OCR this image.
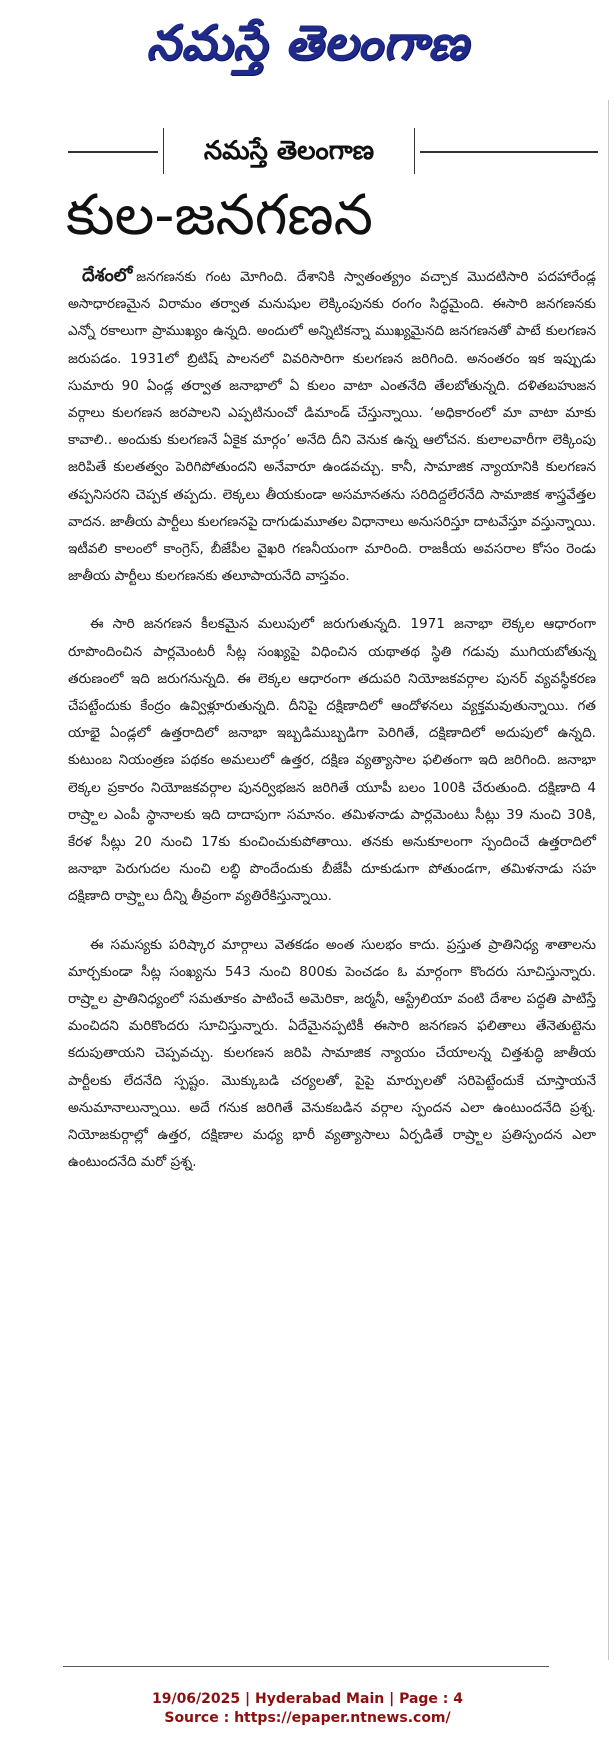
నమస్తే తెలంగాణ
నమస్తే తెలంగాణ
కుల-జనగణన

దేశంలో జనగణనకు గంట మోగింది. దేశానికి స్వాతంత్య్రం వచ్చాక మొదటిసారి పదహారేండ్ల అసాధారణమైన విరామం తర్వాత మనుషుల లెక్కింపునకు రంగం సిద్ధమైంది. ఈసారి జనగణనకు ఎన్నో రకాలుగా ప్రాముఖ్యం ఉన్నది. అందులో అన్నిటికన్నా ముఖ్యమైనది జనగణనతో పాటే కులగణన జరుపడం. 1931లో బ్రిటిష్ పాలనలో వివరిసారిగా కులగణన జరిగింది. అనంతరం ఇక ఇప్పుడు సుమారు 90 ఏండ్ల తర్వాత జనాభాలో ఏ కులం వాటా ఎంతనేది తేలబోతున్నది. దళితబహుజన వర్గాలు కులగణన జరపాలని ఎప్పటినుంచో డిమాండ్ చేస్తున్నాయి. ‘అధికారంలో మా వాటా మాకు కావాలి.. అందుకు కులగణనే ఏకైక మార్గం’ అనేది దీని వెనుక ఉన్న ఆలోచన. కులాలవారీగా లెక్కింపు జరిపితే కులతత్వం పెరిగిపోతుందని అనేవారూ ఉండవచ్చు. కానీ, సామాజిక న్యాయానికి కులగణన తప్పనిసరని చెప్పక తప్పదు. లెక్కలు తీయకుండా అసమానతను సరిదిద్దలేరనేది సామాజిక శాస్త్రవేత్తల వాదన. జాతీయ పార్టీలు కులగణనపై దాగుడుమూతల విధానాలు అనుసరిస్తూ దాటవేస్తూ వస్తున్నాయి. ఇటీవలి కాలంలో కాంగ్రెస్, బీజేపీల వైఖరి గణనీయంగా మారింది. రాజకీయ అవసరాల కోసం రెండు జాతీయ పార్టీలు కులగణనకు తలూపాయనేది వాస్తవం.

ఈ సారి జనగణన కీలకమైన మలుపులో జరుగుతున్నది. 1971 జనాభా లెక్కల ఆధారంగా రూపొందించిన పార్లమెంటరీ సీట్ల సంఖ్యపై విధించిన యథాతథ స్థితి గడువు ముగియబోతున్న తరుణంలో ఇది జరుగనున్నది. ఈ లెక్కల ఆధారంగా తదుపరి నియోజకవర్గాల పునర్ వ్యవస్థీకరణ చేపట్టేందుకు కేంద్రం ఉవ్విళ్లూరుతున్నది. దీనిపై దక్షిణాదిలో ఆందోళనలు వ్యక్తమవుతున్నాయి. గత యాభై ఏండ్లలో ఉత్తరాదిలో జనాభా ఇబ్బడిముబ్బడిగా పెరిగితే, దక్షిణాదిలో అదుపులో ఉన్నది. కుటుంబ నియంత్రణ పథకం అమలులో ఉత్తర, దక్షిణ వ్యత్యాసాల ఫలితంగా ఇది జరిగింది. జనాభా లెక్కల ప్రకారం నియోజకవర్గాల పునర్విభజన జరిగితే యూపీ బలం 100కి చేరుతుంది. దక్షిణాది 4 రాష్ర్టాల ఎంపీ స్థానాలకు ఇది దాదాపుగా సమానం. తమిళనాడు పార్లమెంటు సీట్లు 39 నుంచి 30కి, కేరళ సీట్లు 20 నుంచి 17కు కుంచించుకుపోతాయి. తనకు అనుకూలంగా స్పందించే ఉత్తరాదిలో జనాభా పెరుగుదల నుంచి లబ్ధి పొందేందుకు బీజేపీ దూకుడుగా పోతుండగా, తమిళనాడు సహ దక్షిణాది రాష్ర్టాలు దీన్ని తీవ్రంగా వ్యతిరేకిస్తున్నాయి.

ఈ సమస్యకు పరిష్కార మార్గాలు వెతకడం అంత సులభం కాదు. ప్రస్తుత ప్రాతినిధ్య శాతాలను మార్చకుండా సీట్ల సంఖ్యను 543 నుంచి 800కు పెంచడం ఓ మార్గంగా కొందరు సూచిస్తున్నారు. రాష్ర్టాల ప్రాతినిధ్యంలో సమతూకం పాటించే అమెరికా, జర్మనీ, ఆస్ట్రేలియా వంటి దేశాల పద్ధతి పాటిస్తే మంచిదని మరికొందరు సూచిస్తున్నారు. ఏదేమైనప్పటికీ ఈసారి జనగణన ఫలితాలు తేనెతుట్టెను కదుపుతాయని చెప్పవచ్చు. కులగణన జరిపి సామాజిక న్యాయం చేయాలన్న చిత్తశుద్ధి జాతీయ పార్టీలకు లేదనేది స్పష్టం. మొక్కుబడి చర్యలతో, పైపై మార్పులతో సరిపెట్టేందుకే చూస్తాయనే అనుమానాలున్నాయి. అదే గనుక జరిగితే వెనుకబడిన వర్గాల స్పందన ఎలా ఉంటుందనేది ప్రశ్న. నియోజకుర్గాల్లో ఉత్తర, దక్షిణాల మధ్య భారీ వ్యత్యాసాలు ఏర్పడితే రాష్ర్టాల ప్రతిస్పందన ఎలా ఉంటుందనేది మరో ప్రశ్న.

19/06/2025 | Hyderabad Main | Page : 4
Source : https://epaper.ntnews.com/
